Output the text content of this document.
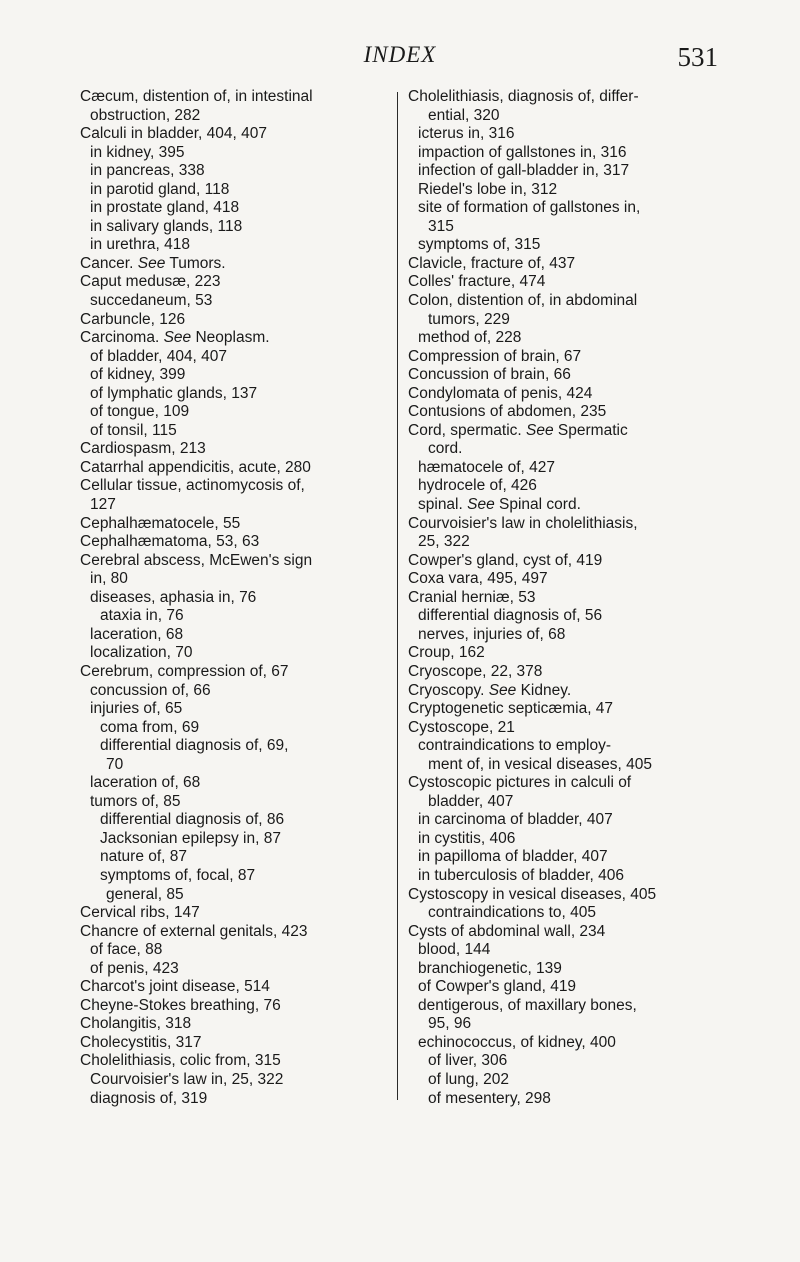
INDEX	531
Cæcum, distention of, in intestinal
obstruction, 282
Calculi in bladder, 404, 407
in kidney, 395
in pancreas, 338
in parotid gland, 118
in prostate gland, 418
in salivary glands, 118
in urethra, 418
Cancer. See Tumors.
Caput medusæ, 223
succedaneum, 53
Carbuncle, 126
Carcinoma. See Neoplasm.
of bladder, 404, 407
of kidney, 399
of lymphatic glands, 137
of tongue, 109
of tonsil, 115
Cardiospasm, 213
Catarrhal appendicitis, acute, 280
Cellular tissue, actinomycosis of,
127
Cephalhæmatocele, 55
Cephalhæmatoma, 53, 63
Cerebral abscess, McEwen's sign
in, 80
diseases, aphasia in, 76
ataxia in, 76
laceration, 68
localization, 70
Cerebrum, compression of, 67
concussion of, 66
injuries of, 65
coma from, 69
differential diagnosis of, 69,
70
laceration of, 68
tumors of, 85
differential diagnosis of, 86
Jacksonian epilepsy in, 87
nature of, 87
symptoms of, focal, 87
general, 85
Cervical ribs, 147
Chancre of external genitals, 423
of face, 88
of penis, 423
Charcot's joint disease, 514
Cheyne-Stokes breathing, 76
Cholangitis, 318
Cholecystitis, 317
Cholelithiasis, colic from, 315
Courvoisier's law in, 25, 322
diagnosis of, 319
Cholelithiasis, diagnosis of, differ-
ential, 320
icterus in, 316
impaction of gallstones in, 316
infection of gall-bladder in, 317
Riedel's lobe in, 312
site of formation of gallstones in,
315
symptoms of, 315
Clavicle, fracture of, 437
Colles' fracture, 474
Colon, distention of, in abdominal
tumors, 229
method of, 228
Compression of brain, 67
Concussion of brain, 66
Condylomata of penis, 424
Contusions of abdomen, 235
Cord, spermatic. See Spermatic
cord.
hæmatocele of, 427
hydrocele of, 426
spinal. See Spinal cord.
Courvoisier's law in cholelithiasis,
25, 322
Cowper's gland, cyst of, 419
Coxa vara, 495, 497
Cranial herniæ, 53
differential diagnosis of, 56
nerves, injuries of, 68
Croup, 162
Cryoscope, 22, 378
Cryoscopy. See Kidney.
Cryptogenetic septicæmia, 47
Cystoscope, 21
contraindications to employ-
ment of, in vesical diseases, 405
Cystoscopic pictures in calculi of
bladder, 407
in carcinoma of bladder, 407
in cystitis, 406
in papilloma of bladder, 407
in tuberculosis of bladder, 406
Cystoscopy in vesical diseases, 405
contraindications to, 405
Cysts of abdominal wall, 234
blood, 144
branchiogenetic, 139
of Cowper's gland, 419
dentigerous, of maxillary bones,
95, 96
echinococcus, of kidney, 400
of liver, 306
of lung, 202
of mesentery, 298
